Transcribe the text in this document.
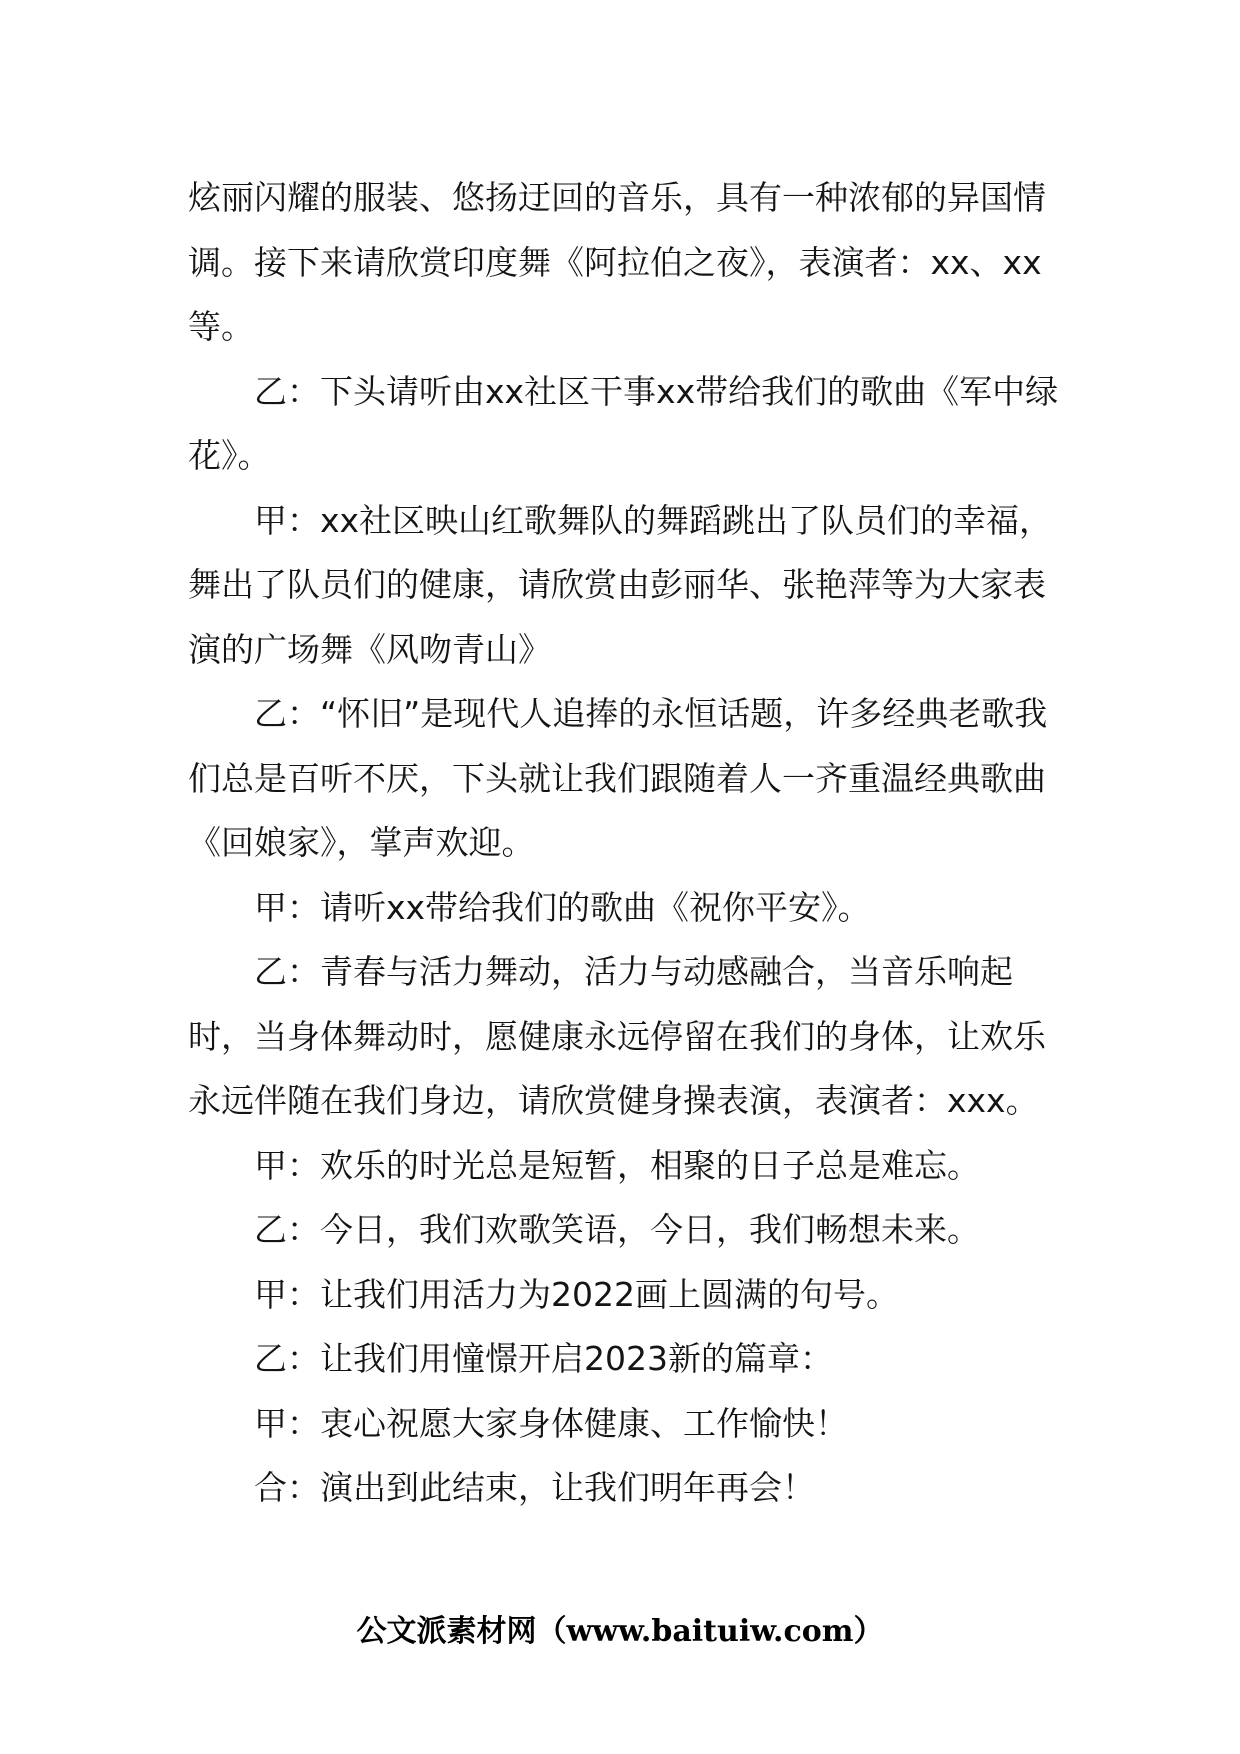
炫丽闪耀的服装、悠扬迂回的音乐，具有一种浓郁的异国情调。接下来请欣赏印度舞《阿拉伯之夜》，表演者：xx、xx等。

乙：下头请听由xx社区干事xx带给我们的歌曲《军中绿花》。

甲：xx社区映山红歌舞队的舞蹈跳出了队员们的幸福，舞出了队员们的健康，请欣赏由彭丽华、张艳萍等为大家表演的广场舞《风吻青山》

乙：“怀旧”是现代人追捧的永恒话题，许多经典老歌我们总是百听不厌，下头就让我们跟随着人一齐重温经典歌曲《回娘家》，掌声欢迎。

甲：请听xx带给我们的歌曲《祝你平安》。

乙：青春与活力舞动，活力与动感融合，当音乐响起时，当身体舞动时，愿健康永远停留在我们的身体，让欢乐永远伴随在我们身边，请欣赏健身操表演，表演者：xxx。

甲：欢乐的时光总是短暂，相聚的日子总是难忘。

乙：今日，我们欢歌笑语，今日，我们畅想未来。

甲：让我们用活力为2022画上圆满的句号。

乙：让我们用憧憬开启2023新的篇章：

甲：衷心祝愿大家身体健康、工作愉快！

合：演出到此结束，让我们明年再会！

公文派素材网（www.baituiw.com）
